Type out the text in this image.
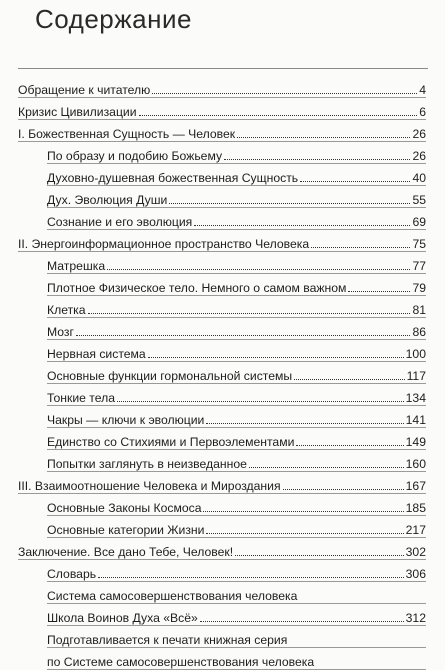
Содержание
Обращение к читателю	4
Кризис Цивилизации	6
I. Божественная Сущность — Человек	26
По образу и подобию Божьему	26
Духовно-душевная божественная Сущность	40
Дух. Эволюция Души	55
Сознание и его эволюция	69
II. Энергоинформационное пространство Человека	75
Матрешка	77
Плотное Физическое тело. Немного о самом важном	79
Клетка	81
Мозг	86
Нервная система	100
Основные функции гормональной системы	117
Тонкие тела	134
Чакры — ключи к эволюции	141
Единство со Стихиями и Первоэлементами	149
Попытки заглянуть в неизведанное	160
III. Взаимоотношение Человека и Мироздания	167
Основные Законы Космоса	185
Основные категории Жизни	217
Заключение. Все дано Тебе, Человек!	302
Словарь	306
Система самосовершенствования человека
Школа Воинов Духа «Всё»	312
Подготавливается к печати книжная серия
по Системе самосовершенствования человека
